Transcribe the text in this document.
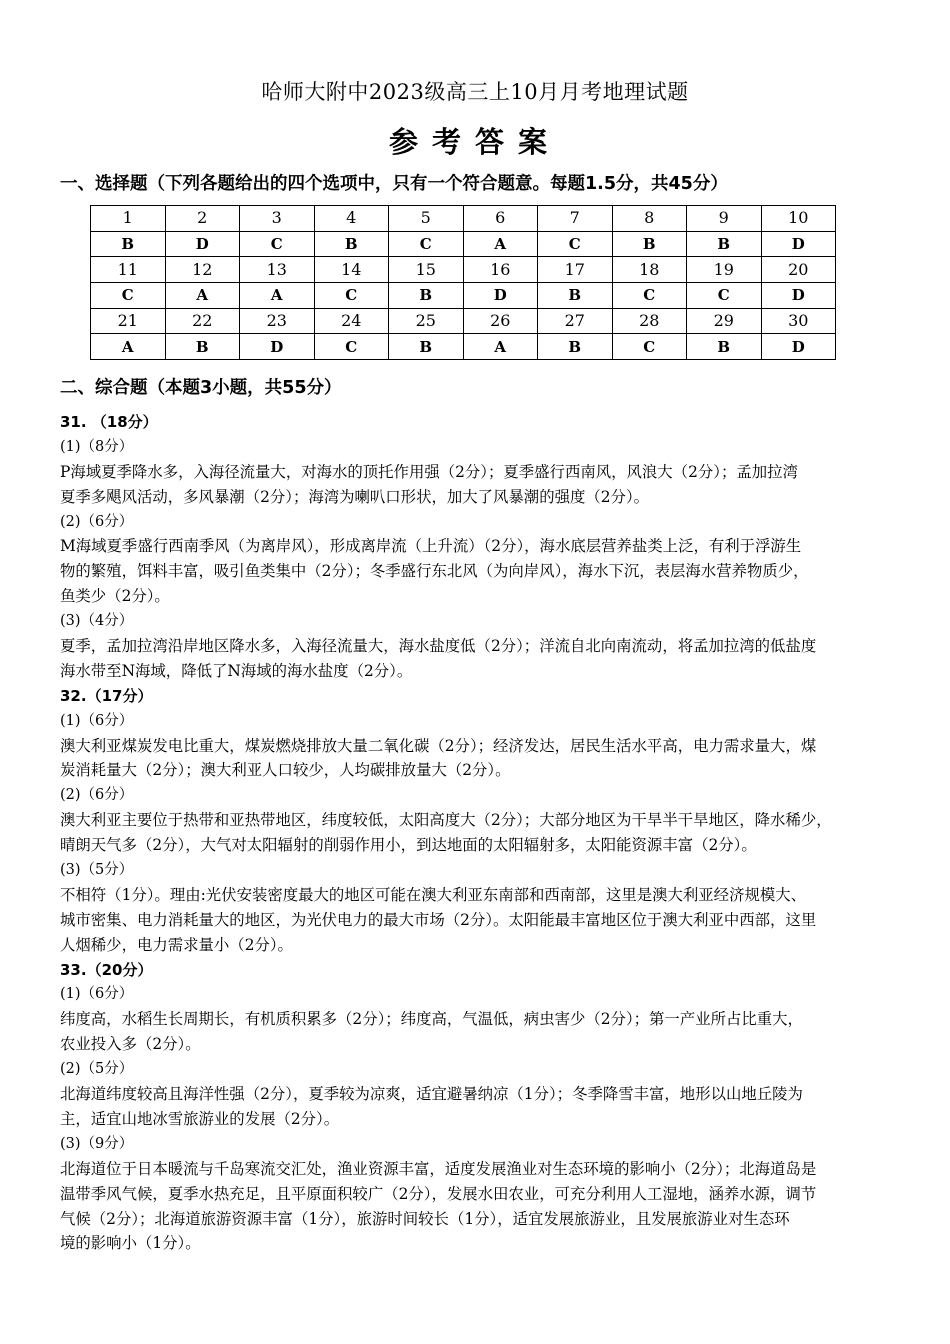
哈师大附中2023级高三上10月月考地理试题
参考答案
一、选择题（下列各题给出的四个选项中，只有一个符合题意。每题1.5分，共45分）
1	2	3	4	5	6	7	8	9	10
B	D	C	B	C	A	C	B	B	D
11	12	13	14	15	16	17	18	19	20
C	A	A	C	B	D	B	C	C	D
21	22	23	24	25	26	27	28	29	30
A	B	D	C	B	A	B	C	B	D
二、综合题（本题3小题，共55分）
31. （18分）
(1)（8分）
P海域夏季降水多，入海径流量大，对海水的顶托作用强（2分）；夏季盛行西南风，风浪大（2分）；孟加拉湾
夏季多飓风活动，多风暴潮（2分）；海湾为喇叭口形状，加大了风暴潮的强度（2分）。
(2)（6分）
M海域夏季盛行西南季风（为离岸风），形成离岸流（上升流）（2分），海水底层营养盐类上泛，有利于浮游生
物的繁殖，饵料丰富，吸引鱼类集中（2分）；冬季盛行东北风（为向岸风），海水下沉，表层海水营养物质少，
鱼类少（2分）。
(3)（4分）
夏季，孟加拉湾沿岸地区降水多，入海径流量大，海水盐度低（2分）；洋流自北向南流动，将孟加拉湾的低盐度
海水带至N海域，降低了N海域的海水盐度（2分）。
32.（17分）
(1)（6分）
澳大利亚煤炭发电比重大，煤炭燃烧排放大量二氧化碳（2分）；经济发达，居民生活水平高，电力需求量大，煤
炭消耗量大（2分）；澳大利亚人口较少，人均碳排放量大（2分）。
(2)（6分）
澳大利亚主要位于热带和亚热带地区，纬度较低，太阳高度大（2分）；大部分地区为干旱半干旱地区，降水稀少，
晴朗天气多（2分），大气对太阳辐射的削弱作用小，到达地面的太阳辐射多，太阳能资源丰富（2分）。
(3)（5分）
不相符（1分）。理由:光伏安装密度最大的地区可能在澳大利亚东南部和西南部，这里是澳大利亚经济规模大、
城市密集、电力消耗量大的地区，为光伏电力的最大市场（2分）。太阳能最丰富地区位于澳大利亚中西部，这里
人烟稀少，电力需求量小（2分）。
33.（20分）
(1)（6分）
纬度高，水稻生长周期长，有机质积累多（2分）；纬度高，气温低，病虫害少（2分）；第一产业所占比重大，
农业投入多（2分）。
(2)（5分）
北海道纬度较高且海洋性强（2分），夏季较为凉爽，适宜避暑纳凉（1分）；冬季降雪丰富，地形以山地丘陵为
主，适宜山地冰雪旅游业的发展（2分）。
(3)（9分）
北海道位于日本暖流与千岛寒流交汇处，渔业资源丰富，适度发展渔业对生态环境的影响小（2分）；北海道岛是
温带季风气候，夏季水热充足，且平原面积较广（2分），发展水田农业，可充分利用人工湿地，涵养水源，调节
气候（2分）；北海道旅游资源丰富（1分），旅游时间较长（1分），适宜发展旅游业，且发展旅游业对生态环
境的影响小（1分）。
